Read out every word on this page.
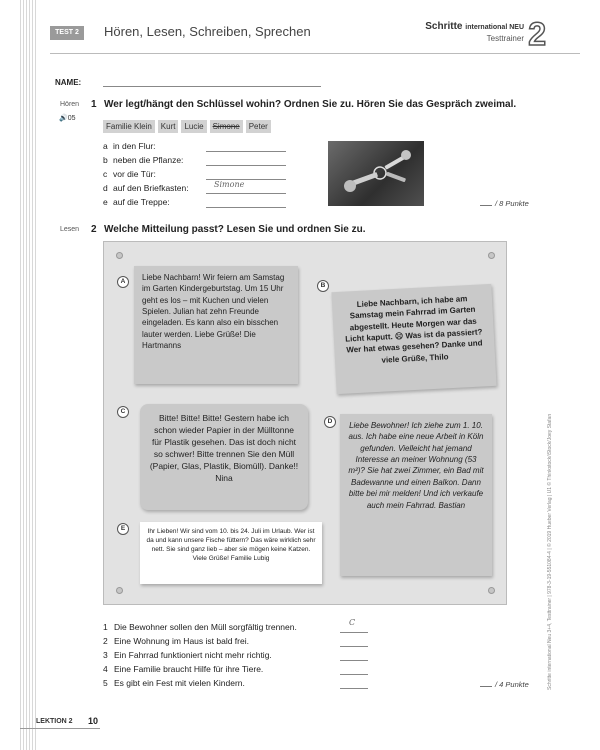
TEST 2	Hören, Lesen, Schreiben, Sprechen	Schritte international NEU
Testtrainer 2
NAME:
Hören
🔊05
1 Wer legt/hängt den Schlüssel wohin? Ordnen Sie zu. Hören Sie das Gespräch zweimal.
Familie Klein	Kurt	Lucie	Simone	Peter
a in den Flur:
b neben die Pflanze:
c vor die Tür:
d auf den Briefkasten:	Simone
e auf die Treppe:	/ 8 Punkte
Lesen 2 Welche Mitteilung passt? Lesen Sie und ordnen Sie zu.
A	Liebe Nachbarn! Wir feiern am Samstag im Garten Kindergeburtstag. Um 15 Uhr geht es los – mit Kuchen und vielen Spielen. Julian hat zehn Freunde eingeladen. Es kann also ein bisschen lauter werden. Liebe Grüße! Die Hartmanns
B
Liebe Nachbarn, ich habe am Samstag mein Fahrrad im Garten abgestellt. Heute Morgen war das Licht kaputt. ☹ Was ist da passiert? Wer hat etwas gesehen? Danke und viele Grüße, Thilo
C
Bitte! Bitte! Bitte! Gestern habe ich schon wieder Papier in der Mülltonne für Plastik gesehen. Das ist doch nicht so schwer! Bitte trennen Sie den Müll (Papier, Glas, Plastik, Biomüll). Danke!! Nina
D	Liebe Bewohner! Ich ziehe zum 1. 10. aus. Ich habe eine neue Arbeit in Köln gefunden. Vielleicht hat jemand Interesse an meiner Wohnung (53 m²)? Sie hat zwei Zimmer, ein Bad mit Badewanne und einen Balkon. Dann bitte bei mir melden! Und ich verkaufe auch mein Fahrrad. Bastian
E	Ihr Lieben! Wir sind vom 10. bis 24. Juli im Urlaub. Wer ist da und kann unsere Fische füttern? Das wäre wirklich sehr nett. Sie sind ganz lieb – aber sie mögen keine Katzen. Viele Grüße! Familie Lubig
1 Die Bewohner sollen den Müll sorgfältig trennen.	C
2 Eine Wohnung im Haus ist bald frei.
3 Ein Fahrrad funktioniert nicht mehr richtig.
4 Eine Familie braucht Hilfe für ihre Tiere.
5 Es gibt ein Fest mit vielen Kindern.	/ 4 Punkte	Schritte international Neu 3+4, Testtrainer | 978-3-19-551084-4 | © 2019 Hueber Verlag | U1 © Thinkstock/iStock/Joey Stafan
LEKTION 2 10
